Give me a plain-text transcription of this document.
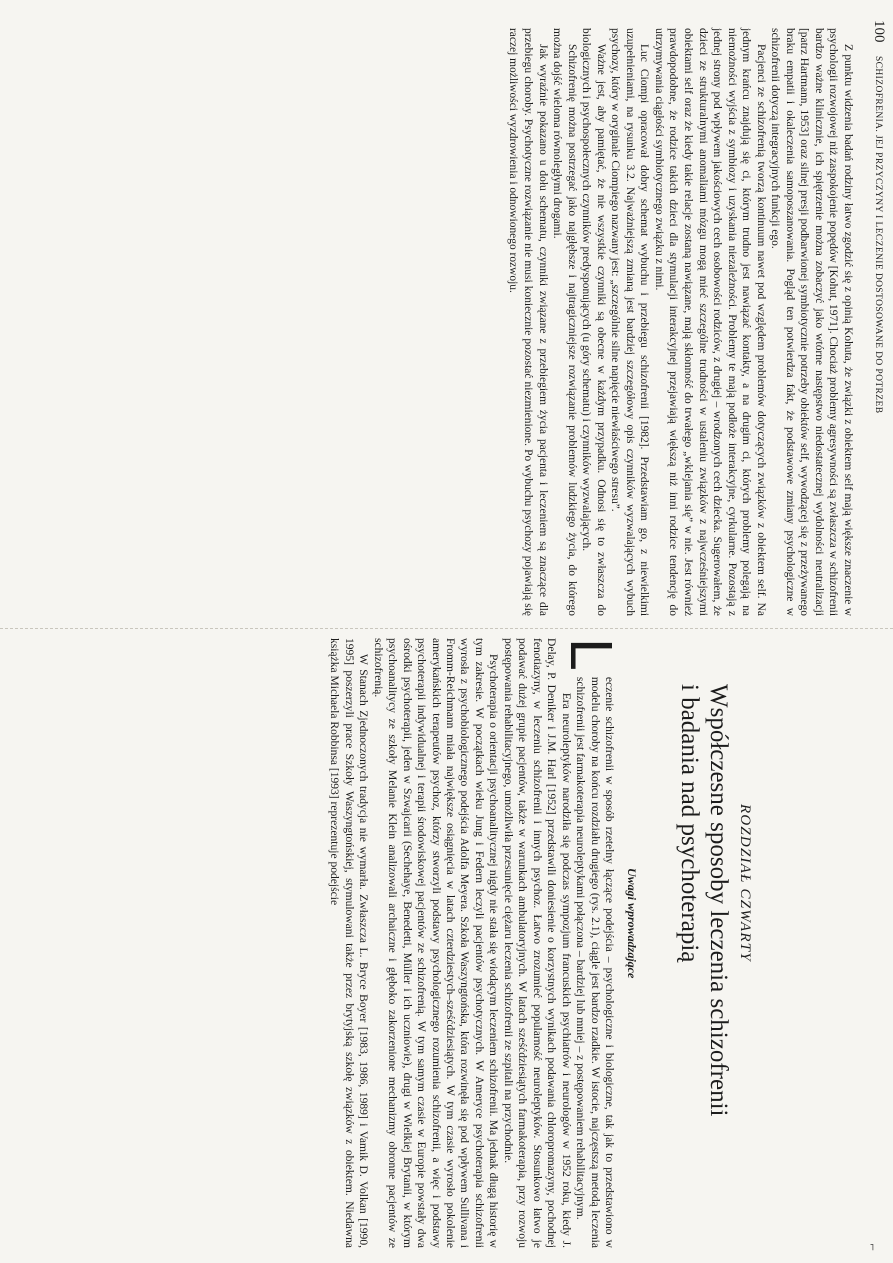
100
SCHIZOFRENIA. JEJ PRZYCZYNY I LECZENIE DOSTOSOWANE DO POTRZEB

Z punktu widzenia badań rodziny łatwo zgodzić się z opinią Kohuta, że związki z obiektem self mają większe znaczenie w psychologii rozwojowej niż zaspokojenie popędów [Kohut, 1971]. Chociaż problemy agresywności są zwłaszcza w schizofrenii bardzo ważne klinicznie, ich spiętrzenie można zobaczyć jako wtórne następstwo niedostatecznej wydolności neutralizacji [patrz Hartmann, 1953] oraz silnej presji podbarwionej symbiotycznie potrzeby obiektów self, wywodzącej się z przeżywanego braku empatii i okaleczenia samoposzanowania. Pogląd ten potwierdza fakt, że podstawowe zmiany psychologiczne w schizofrenii dotyczą integracyjnych funkcji ego.

Pacjenci ze schizofrenią tworzą kontinuum nawet pod względem problemów dotyczących związków z obiektem self. Na jednym krańcu znajdują się ci, którym trudno jest nawiązać kontakty, a na drugim ci, których problemy polegają na niemożności wyjścia z symbiozy i uzyskania niezależności. Problemy te mają podłoże interakcyjne, cyrkularne. Pozostają z jednej strony pod wpływem jakościowych cech osobowości rodziców, z drugiej – wrodzonych cech dziecka. Sugerowałem, że dzieci ze strukturalnymi anomaliami mózgu mogą mieć szczególne trudności w ustaleniu związków z najwcześniejszymi obiektami self oraz że kiedy takie relacje zostaną nawiązane, mają skłonność do trwałego „wklejania się” w nie. Jest również prawdopodobne, że rodzice takich dzieci dla stymulacji interakcyjnej przejawiają większą niż inni rodzice tendencję do utrzymywania ciągłości symbiotycznego związku z nimi.

Luc Ciompi opracował dobry schemat wybuchu i przebiegu schizofrenii [1982]. Przedstawiam go, z niewielkimi uzupełnieniami, na rysunku 3.2. Najważniejszą zmianą jest bardziej szczegółowy opis czynników wyzwalających wybuch psychozy, który w oryginale Ciompiego nazwany jest: „szczególnie silne napięcie niewłaściwego stresu”.

Ważne jest, aby pamiętać, że nie wszystkie czynniki są obecne w każdym przypadku. Odnosi się to zwłaszcza do biologicznych i psychospołecznych czynników predysponujących (u góry schematu) i czynników wyzwalających.

Schizofrenię można postrzegać jako najgłębsze i najtragiczniejsze rozwiązanie problemów ludzkiego życia, do którego można dojść wieloma równoległymi drogami.

Jak wyraźnie pokazano u dołu schematu, czynniki związane z przebiegiem życia pacjenta i leczeniem są znaczące dla przebiegu choroby. Psychotyczne rozwiązanie nie musi koniecznie pozostać niezmienione. Po wybuchu psychozy pojawiają się raczej możliwości wyzdrowienia i odnowionego rozwoju.

⌐
ROZDZIAŁ CZWARTY
Współczesne sposoby leczenia schizofrenii
i badania nad psychoterapią
Uwagi wprowadzające

L
eczenie schizofrenii w sposób rzetelny łączące podejścia – psychologiczne i biologiczne, tak jak to przedstawiono w modelu choroby na końcu rozdziału drugiego (rys. 2.1), ciągle jest bardzo rzadkie. W istocie, najczęstszą metodą leczenia schizofrenii jest farmakoterapia neuroleptykami połączona – bardziej lub mniej – z postępowaniem rehabilitacyjnym.

Era neuroleptyków narodziła się podczas sympozjum francuskich psychiatrów i neurologów w 1952 roku, kiedy J. Delay, P. Deniker i J.M. Harl [1952] przedstawili doniesienie o korzystnych wynikach podawania chloropromazyny, pochodnej fenotiazyny, w leczeniu schizofrenii i innych psychoz. Łatwo zrozumieć popularność neuroleptyków. Stosunkowo łatwo je podawać dużej grupie pacjentów, także w warunkach ambulatoryjnych. W latach sześćdziesiątych farmakoterapia, przy rozwoju postępowania rehabilitacyjnego, umożliwiła przesunięcie ciężaru leczenia schizofrenii ze szpitali na przychodnie.

Psychoterapia o orientacji psychoanalitycznej nigdy nie stała się wiodącym leczeniem schizofrenii. Ma jednak długą historię w tym zakresie. W początkach wieku Jung i Federn leczyli pacjentów psychotycznych. W Ameryce psychoterapia schizofrenii wyrosła z psychobiologicznego podejścia Adolfa Meyera. Szkoła Waszyngtońska, która rozwinęła się pod wpływem Sullivana i Fromm-Reichmann miała największe osiągnięcia w latach czterdziestych–sześćdziesiątych. W tym czasie wyrosło pokolenie amerykańskich terapeutów psychoz, którzy stworzyli podstawy psychologicznego rozumienia schizofrenii, a więc i podstawy psychoterapii indywidualnej i terapii środowiskowej pacjentów ze schizofrenią. W tym samym czasie w Europie powstały dwa ośrodki psychoterapii, jeden w Szwajcarii (Sechehaye, Benedetti, Müller i ich uczniowie), drugi w Wielkiej Brytanii, w którym psychoanalitycy ze szkoły Melanie Klein analizowali archaiczne i głęboko zakorzenione mechanizmy obronne pacjentów ze schizofrenią.

W Stanach Zjednoczonych tradycja nie wymarła. Zwłaszcza L. Bryce Boyer [1983, 1986, 1989] i Vamik D. Volkan [1990, 1995] poszerzyli prace Szkoły Waszyngtońskiej, stymulowani także przez brytyjską szkołę związków z obiektem. Niedawna książka Michaela Robbinsa [1993] reprezentuje podejście
